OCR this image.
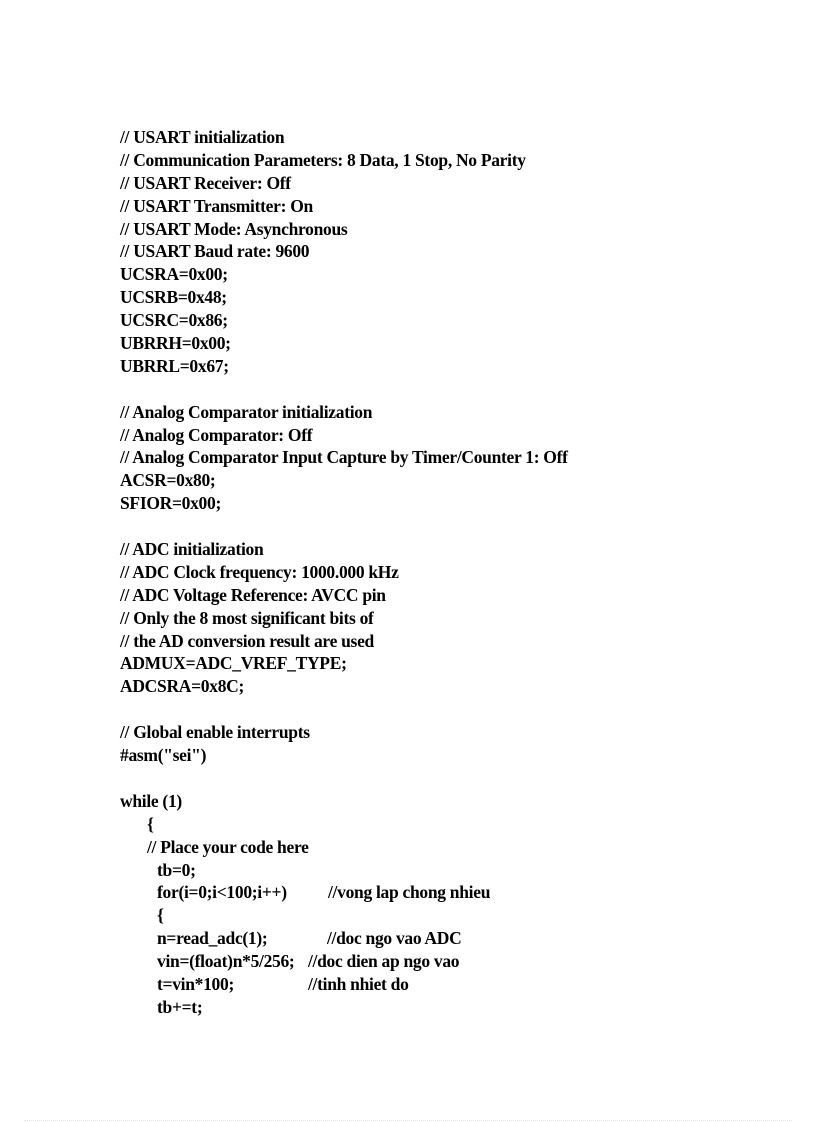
// USART initialization
// Communication Parameters: 8 Data, 1 Stop, No Parity
// USART Receiver: Off
// USART Transmitter: On
// USART Mode: Asynchronous
// USART Baud rate: 9600
UCSRA=0x00;
UCSRB=0x48;
UCSRC=0x86;
UBRRH=0x00;
UBRRL=0x67;
// Analog Comparator initialization
// Analog Comparator: Off
// Analog Comparator Input Capture by Timer/Counter 1: Off
ACSR=0x80;
SFIOR=0x00;
// ADC initialization
// ADC Clock frequency: 1000.000 kHz
// ADC Voltage Reference: AVCC pin
// Only the 8 most significant bits of
// the AD conversion result are used
ADMUX=ADC_VREF_TYPE;
ADCSRA=0x8C;
// Global enable interrupts
#asm("sei")
while (1)
{
// Place your code here
tb=0;
for(i=0;i<100;i++) //vong lap chong nhieu
{
n=read_adc(1);	//doc ngo vao ADC
vin=(float)n*5/256; //doc dien ap ngo vao
t=vin*100;	//tinh nhiet do
tb+=t;
